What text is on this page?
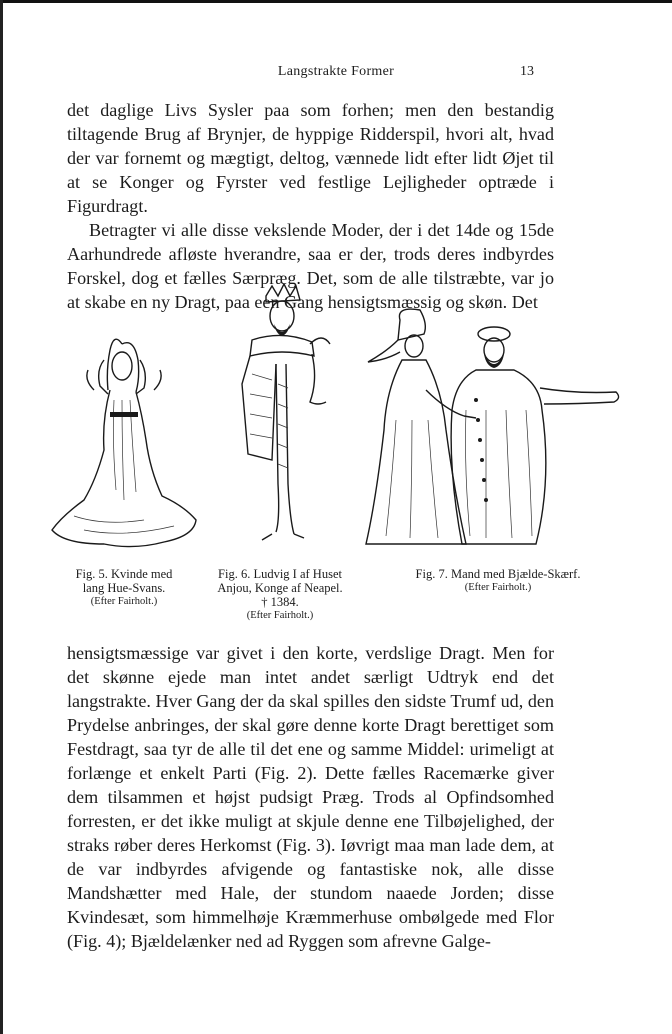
Langstrakte Former	13

det daglige Livs Sysler paa som forhen; men den bestandig tiltagende Brug af Brynjer, de hyppige Ridderspil, hvori alt, hvad der var fornemt og mægtigt, deltog, vænnede lidt efter lidt Øjet til at se Konger og Fyrster ved festlige Lejligheder optræde i Figurdragt.

Betragter vi alle disse vekslende Moder, der i det 14de og 15de Aarhundrede afløste hverandre, saa er der, trods deres indbyrdes Forskel, dog et fælles Særpræg. Det, som de alle tilstræbte, var jo at skabe en ny Dragt, paa een Gang hensigtsmæssig og skøn. Det

Fig. 5. Kvinde med
lang Hue-Svans.
(Efter Fairholt.)
Fig. 6. Ludvig I af Huset
Anjou, Konge af Neapel.
† 1384.
(Efter Fairholt.)
Fig. 7. Mand med Bjælde-Skærf.
(Efter Fairholt.)

hensigtsmæssige var givet i den korte, verdslige Dragt. Men for det skønne ejede man intet andet særligt Udtryk end det langstrakte. Hver Gang der da skal spilles den sidste Trumf ud, den Prydelse anbringes, der skal gøre denne korte Dragt berettiget som Festdragt, saa tyr de alle til det ene og samme Middel: urimeligt at forlænge et enkelt Parti (Fig. 2). Dette fælles Racemærke giver dem tilsammen et højst pudsigt Præg. Trods al Opfindsomhed forresten, er det ikke muligt at skjule denne ene Tilbøjelighed, der straks røber deres Herkomst (Fig. 3). Iøvrigt maa man lade dem, at de var indbyrdes afvigende og fantastiske nok, alle disse Mandshætter med Hale, der stundom naaede Jorden; disse Kvindesæt, som himmelhøje Kræmmerhuse ombølgede med Flor (Fig. 4); Bjældelænker ned ad Ryggen som afrevne Galge-
